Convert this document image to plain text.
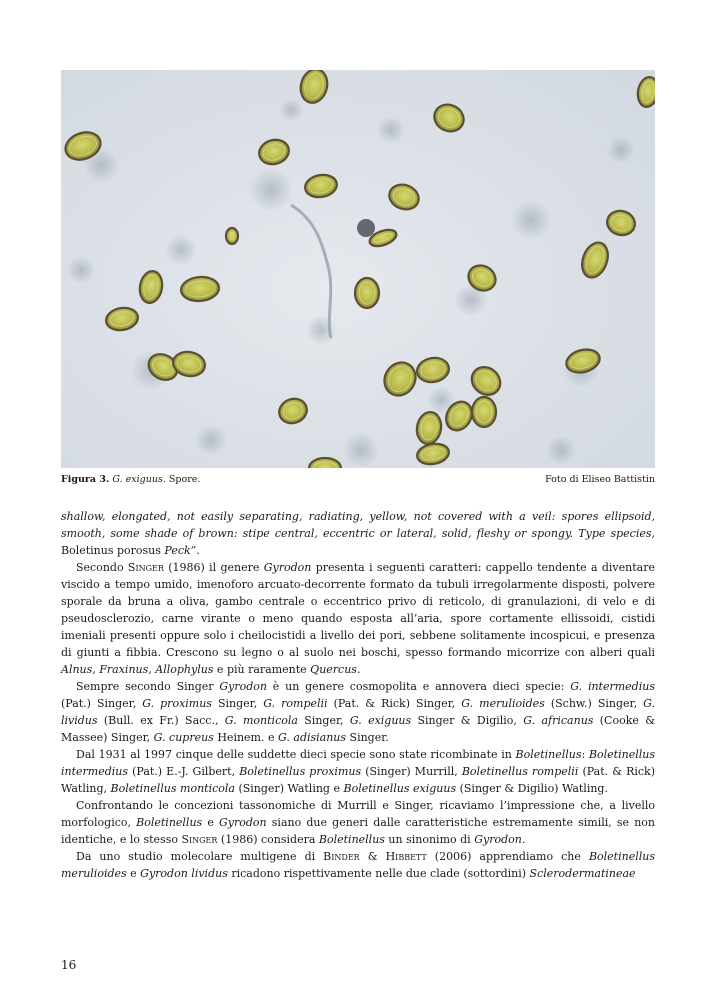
Figura 3. G. exiguus. Spore.	Foto di Eliseo Battistin

shallow, elongated, not easily separating, radiating, yellow, not covered with a veil: spores ellipsoid, smooth, some shade of brown: stipe central, eccentric or lateral, solid, fleshy or spongy. Type species, Boletinus porosus Peck”.

Secondo Singer (1986) il genere Gyrodon presenta i seguenti caratteri: cappello tendente a diventare viscido a tempo umido, imenoforo arcuato-decorrente formato da tubuli irregolarmente disposti, polvere sporale da bruna a oliva, gambo centrale o eccentrico privo di reticolo, di granulazioni, di velo e di pseudosclerozio, carne virante o meno quando esposta all’aria, spore cortamente ellissoidi, cistidi imeniali presenti oppure solo i cheilocistidi a livello dei pori, sebbene solitamente incospicui, e presenza di giunti a fibbia. Crescono su legno o al suolo nei boschi, spesso formando micorrize con alberi quali Alnus, Fraxinus, Allophylus e più raramente Quercus.

Sempre secondo Singer Gyrodon è un genere cosmopolita e annovera dieci specie: G. intermedius (Pat.) Singer, G. proximus Singer, G. rompelii (Pat. & Rick) Singer, G. merulioides (Schw.) Singer, G. lividus (Bull. ex Fr.) Sacc., G. monticola Singer, G. exiguus Singer & Digilio, G. africanus (Cooke & Massee) Singer, G. cupreus Heinem. e G. adisianus Singer.

Dal 1931 al 1997 cinque delle suddette dieci specie sono state ricombinate in Boletinellus: Boletinellus intermedius (Pat.) E.-J. Gilbert, Boletinellus proximus (Singer) Murrill, Boletinellus rompelii (Pat. & Rick) Watling, Boletinellus monticola (Singer) Watling e Boletinellus exiguus (Singer & Digilio) Watling.

Confrontando le concezioni tassonomiche di Murrill e Singer, ricaviamo l’impressione che, a livello morfologico, Boletinellus e Gyrodon siano due generi dalle caratteristiche estremamente simili, se non identiche, e lo stesso Singer (1986) considera Boletinellus un sinonimo di Gyrodon.

Da uno studio molecolare multigene di Binder & Hibbett (2006) apprendiamo che Boletinellus merulioides e Gyrodon lividus ricadono rispettivamente nelle due clade (sottordini) Sclerodermatineae

16
